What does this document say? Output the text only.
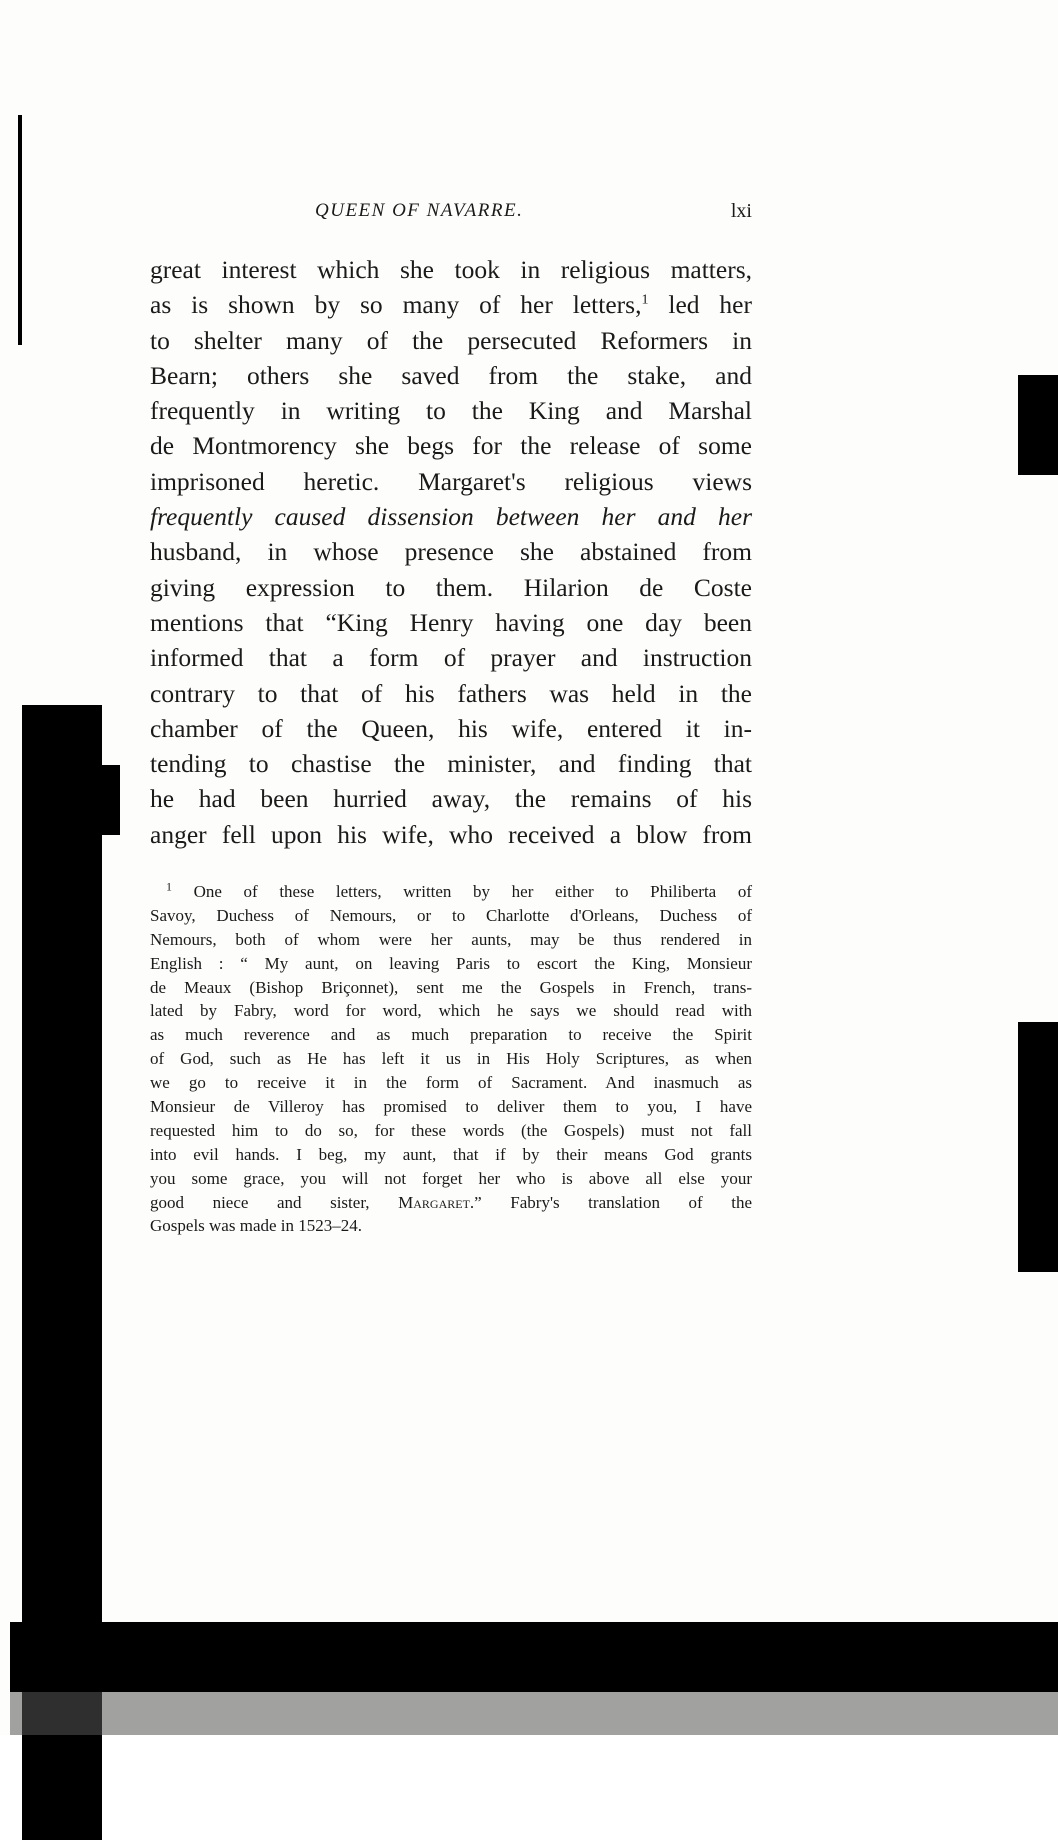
QUEEN OF NAVARRE.	lxi
great interest which she took in religious matters,
as is shown by so many of her letters,$^1$ led her
to shelter many of the persecuted Reformers in
Bearn; others she saved from the stake, and
frequently in writing to the King and Marshal
de Montmorency she begs for the release of some
imprisoned heretic. Margaret's religious views
frequently caused dissension between her and her
husband, in whose presence she abstained from
giving expression to them. Hilarion de Coste
mentions that “King Henry having one day been
informed that a form of prayer and instruction
contrary to that of his fathers was held in the
chamber of the Queen, his wife, entered it in-
tending to chastise the minister, and finding that
he had been hurried away, the remains of his
anger fell upon his wife, who received a blow from
$^1$ One of these letters, written by her either to Philiberta of
Savoy, Duchess of Nemours, or to Charlotte d'Orleans, Duchess of
Nemours, both of whom were her aunts, may be thus rendered in
English : “ My aunt, on leaving Paris to escort the King, Monsieur
de Meaux (Bishop Briçonnet), sent me the Gospels in French, trans-
lated by Fabry, word for word, which he says we should read with
as much reverence and as much preparation to receive the Spirit
of God, such as He has left it us in His Holy Scriptures, as when
we go to receive it in the form of Sacrament. And inasmuch as
Monsieur de Villeroy has promised to deliver them to you, I have
requested him to do so, for these words (the Gospels) must not fall
into evil hands. I beg, my aunt, that if by their means God grants
you some grace, you will not forget her who is above all else your
good niece and sister, Margaret.” Fabry's translation of the
Gospels was made in 1523–24.
